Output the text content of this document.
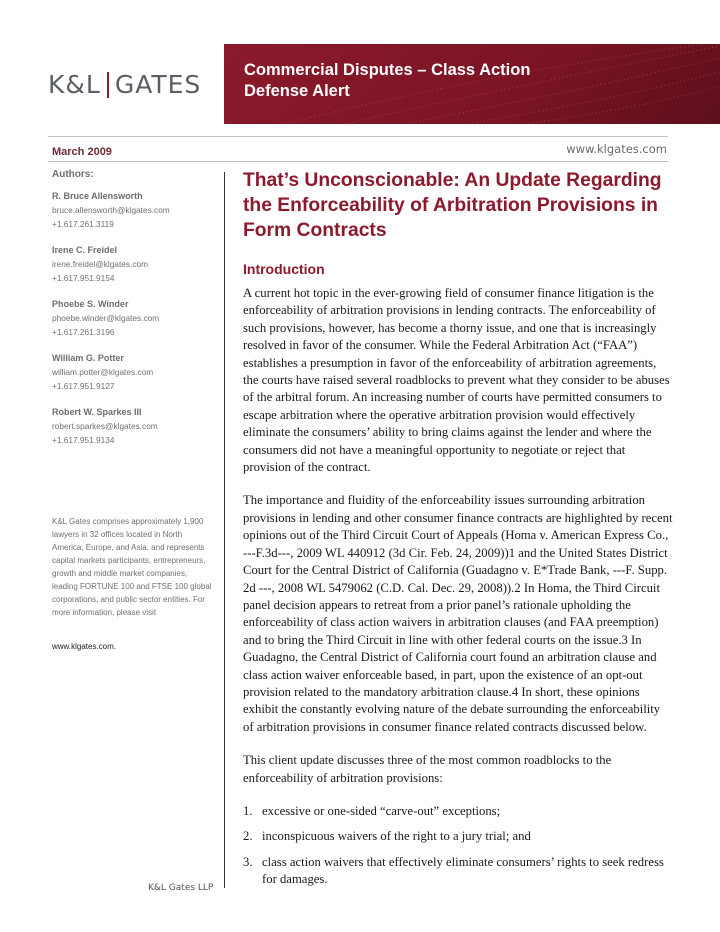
K&L GATES	Commercial Disputes – Class Action
Defense Alert
March 2009	www.klgates.com
Authors:
R. Bruce Allensworth
bruce.allensworth@klgates.com
+1.617.261.3119
Irene C. Freidel
irene.freidel@klgates.com
+1.617.951.9154
Phoebe S. Winder
phoebe.winder@klgates.com
+1.617.261.3196
William G. Potter
william.potter@klgates.com
+1.617.951.9127
Robert W. Sparkes III
robert.sparkes@klgates.com
+1.617.951.9134
K&L Gates comprises approximately 1,900 lawyers in 32 offices located in North America, Europe, and Asia, and represents capital markets participants, entrepreneurs, growth and middle market companies, leading FORTUNE 100 and FTSE 100 global corporations, and public sector entities. For more information, please visit
www.klgates.com.
K&L Gates LLP
That’s Unconscionable: An Update Regarding the Enforceability of Arbitration Provisions in Form Contracts
Introduction

A current hot topic in the ever-growing field of consumer finance litigation is the enforceability of arbitration provisions in lending contracts. The enforceability of such provisions, however, has become a thorny issue, and one that is increasingly resolved in favor of the consumer. While the Federal Arbitration Act (“FAA”) establishes a presumption in favor of the enforceability of arbitration agreements, the courts have raised several roadblocks to prevent what they consider to be abuses of the arbitral forum. An increasing number of courts have permitted consumers to escape arbitration where the operative arbitration provision would effectively eliminate the consumers’ ability to bring claims against the lender and where the consumers did not have a meaningful opportunity to negotiate or reject that provision of the contract.

The importance and fluidity of the enforceability issues surrounding arbitration provisions in lending and other consumer finance contracts are highlighted by recent opinions out of the Third Circuit Court of Appeals (Homa v. American Express Co., ---F.3d---, 2009 WL 440912 (3d Cir. Feb. 24, 2009))1 and the United States District Court for the Central District of California (Guadagno v. E*Trade Bank, ---F. Supp. 2d ---, 2008 WL 5479062 (C.D. Cal. Dec. 29, 2008)).2 In Homa, the Third Circuit panel decision appears to retreat from a prior panel’s rationale upholding the enforceability of class action waivers in arbitration clauses (and FAA preemption) and to bring the Third Circuit in line with other federal courts on the issue.3 In Guadagno, the Central District of California court found an arbitration clause and class action waiver enforceable based, in part, upon the existence of an opt-out provision related to the mandatory arbitration clause.4 In short, these opinions exhibit the constantly evolving nature of the debate surrounding the enforceability of arbitration provisions in consumer finance related contracts discussed below.

This client update discusses three of the most common roadblocks to the enforceability of arbitration provisions:

1. excessive or one-sided “carve-out” exceptions;
2. inconspicuous waivers of the right to a jury trial; and
3. class action waivers that effectively eliminate consumers’ rights to seek redress for damages.
